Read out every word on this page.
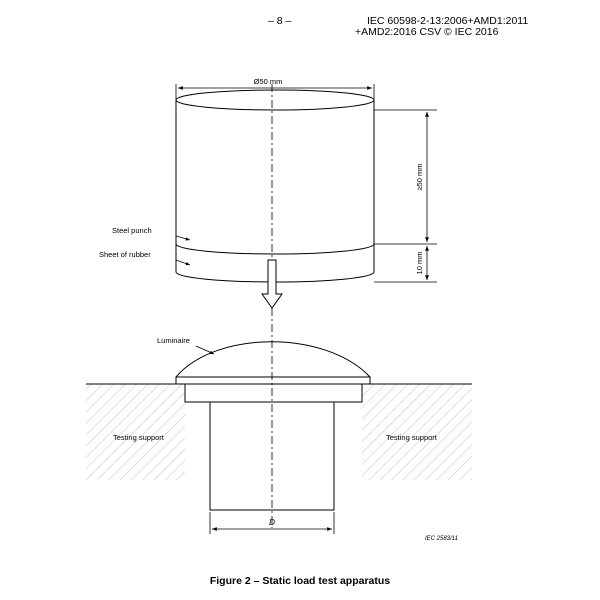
– 8 –	IEC 60598-2-13:2006+AMD1:2011
+AMD2:2016 CSV © IEC 2016
Ø50 mm
≥50 mm
10 mm
D
Steel punch
Sheet of rubber
Luminaire
Testing support	Testing support
IEC 2583/11
Figure 2 – Static load test apparatus
